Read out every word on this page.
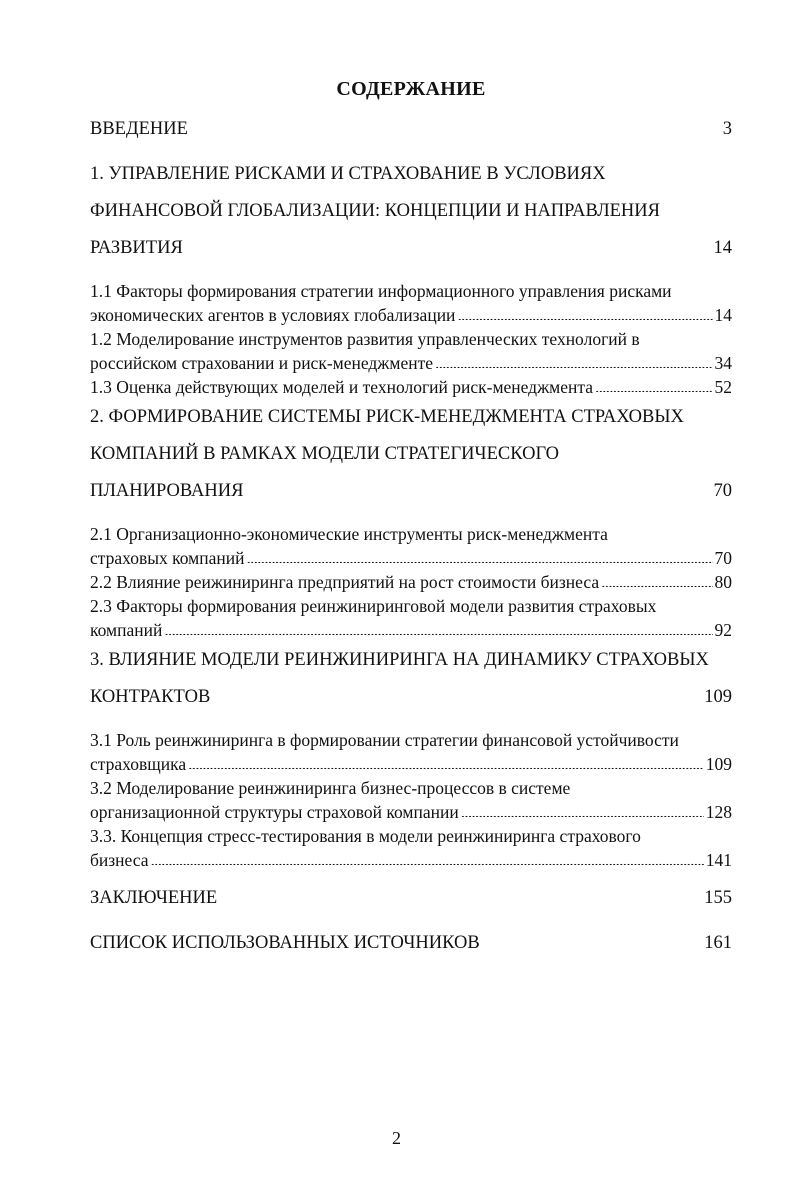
СОДЕРЖАНИЕ
ВВЕДЕНИЕ . . .	3
1. УПРАВЛЕНИЕ РИСКАМИ И СТРАХОВАНИЕ В УСЛОВИЯХ
ФИНАНСОВОЙ ГЛОБАЛИЗАЦИИ: КОНЦЕПЦИИ И НАПРАВЛЕНИЯ
РАЗВИТИЯ . . .	14
1.1 Факторы формирования стратегии информационного управления рисками
экономических агентов в условиях глобализации . . .	14
1.2 Моделирование инструментов развития управленческих технологий в
российском страховании и риск-менеджменте . . .	34
1.3 Оценка действующих моделей и технологий риск-менеджмента . . .	52
2. ФОРМИРОВАНИЕ СИСТЕМЫ РИСК-МЕНЕДЖМЕНТА СТРАХОВЫХ
КОМПАНИЙ В РАМКАХ МОДЕЛИ СТРАТЕГИЧЕСКОГО
ПЛАНИРОВАНИЯ . . .	70
2.1 Организационно-экономические инструменты риск-менеджмента
страховых компаний . . .	70
2.2 Влияние реижиниринга предприятий на рост стоимости бизнеса . . .	80
2.3 Факторы формирования реинжиниринговой модели развития страховых
компаний . . .	92
3. ВЛИЯНИЕ МОДЕЛИ РЕИНЖИНИРИНГА НА ДИНАМИКУ СТРАХОВЫХ
КОНТРАКТОВ . . .	109
3.1 Роль реинжиниринга в формировании стратегии финансовой устойчивости
страховщика . . .	109
3.2 Моделирование реинжиниринга бизнес-процессов в системе
организационной структуры страховой компании . . .	128
3.3. Концепция стресс-тестирования в модели реинжиниринга страхового
бизнеса . . .	141
ЗАКЛЮЧЕНИЕ . . .	155
СПИСОК ИСПОЛЬЗОВАННЫХ ИСТОЧНИКОВ . . .	161
2
